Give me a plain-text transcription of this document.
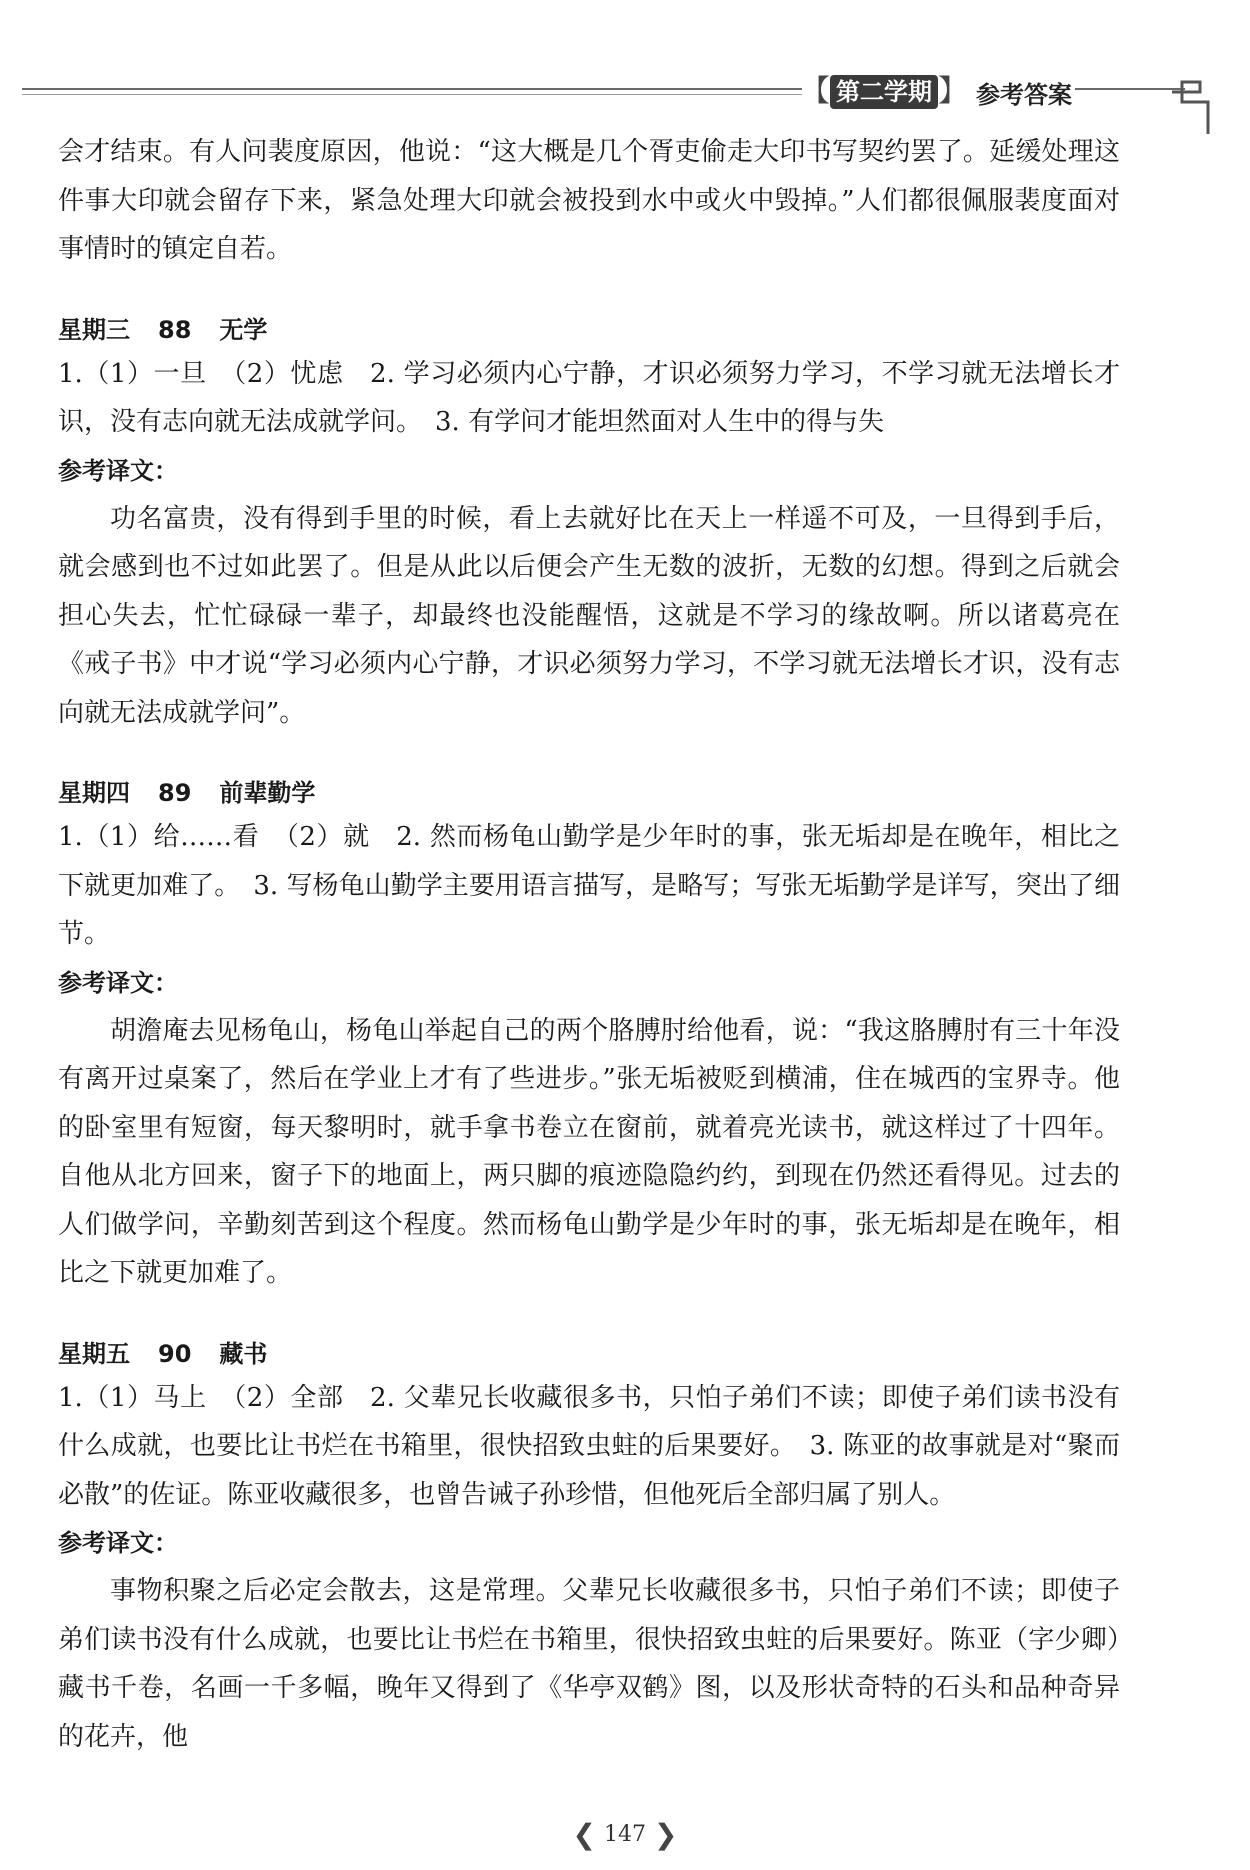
【 第二学期 】 参考答案

会才结束。有人问裴度原因，他说：“这大概是几个胥吏偷走大印书写契约罢了。延缓处理这件事大印就会留存下来，紧急处理大印就会被投到水中或火中毁掉。”人们都很佩服裴度面对事情时的镇定自若。

星期三 88 无学

1.（1）一旦　（2）忧虑　2. 学习必须内心宁静，才识必须努力学习，不学习就无法增长才识，没有志向就无法成就学问。　3. 有学问才能坦然面对人生中的得与失

参考译文：

功名富贵，没有得到手里的时候，看上去就好比在天上一样遥不可及，一旦得到手后，就会感到也不过如此罢了。但是从此以后便会产生无数的波折，无数的幻想。得到之后就会担心失去，忙忙碌碌一辈子，却最终也没能醒悟，这就是不学习的缘故啊。所以诸葛亮在《戒子书》中才说“学习必须内心宁静，才识必须努力学习，不学习就无法增长才识，没有志向就无法成就学问”。

星期四 89 前辈勤学

1.（1）给……看　（2）就　2. 然而杨龟山勤学是少年时的事，张无垢却是在晚年，相比之下就更加难了。　3. 写杨龟山勤学主要用语言描写，是略写；写张无垢勤学是详写，突出了细节。

参考译文：

胡澹庵去见杨龟山，杨龟山举起自己的两个胳膊肘给他看，说：“我这胳膊肘有三十年没有离开过桌案了，然后在学业上才有了些进步。”张无垢被贬到横浦，住在城西的宝界寺。他的卧室里有短窗，每天黎明时，就手拿书卷立在窗前，就着亮光读书，就这样过了十四年。自他从北方回来，窗子下的地面上，两只脚的痕迹隐隐约约，到现在仍然还看得见。过去的人们做学问，辛勤刻苦到这个程度。然而杨龟山勤学是少年时的事，张无垢却是在晚年，相比之下就更加难了。

星期五 90 藏书

1.（1）马上　（2）全部　2. 父辈兄长收藏很多书，只怕子弟们不读；即使子弟们读书没有什么成就，也要比让书烂在书箱里，很快招致虫蛀的后果要好。　3. 陈亚的故事就是对“聚而必散”的佐证。陈亚收藏很多，也曾告诫子孙珍惜，但他死后全部归属了别人。

参考译文：

事物积聚之后必定会散去，这是常理。父辈兄长收藏很多书，只怕子弟们不读；即使子弟们读书没有什么成就，也要比让书烂在书箱里，很快招致虫蛀的后果要好。陈亚（字少卿）藏书千卷，名画一千多幅，晚年又得到了《华亭双鹤》图，以及形状奇特的石头和品种奇异的花卉，他

❮ 147 ❯
